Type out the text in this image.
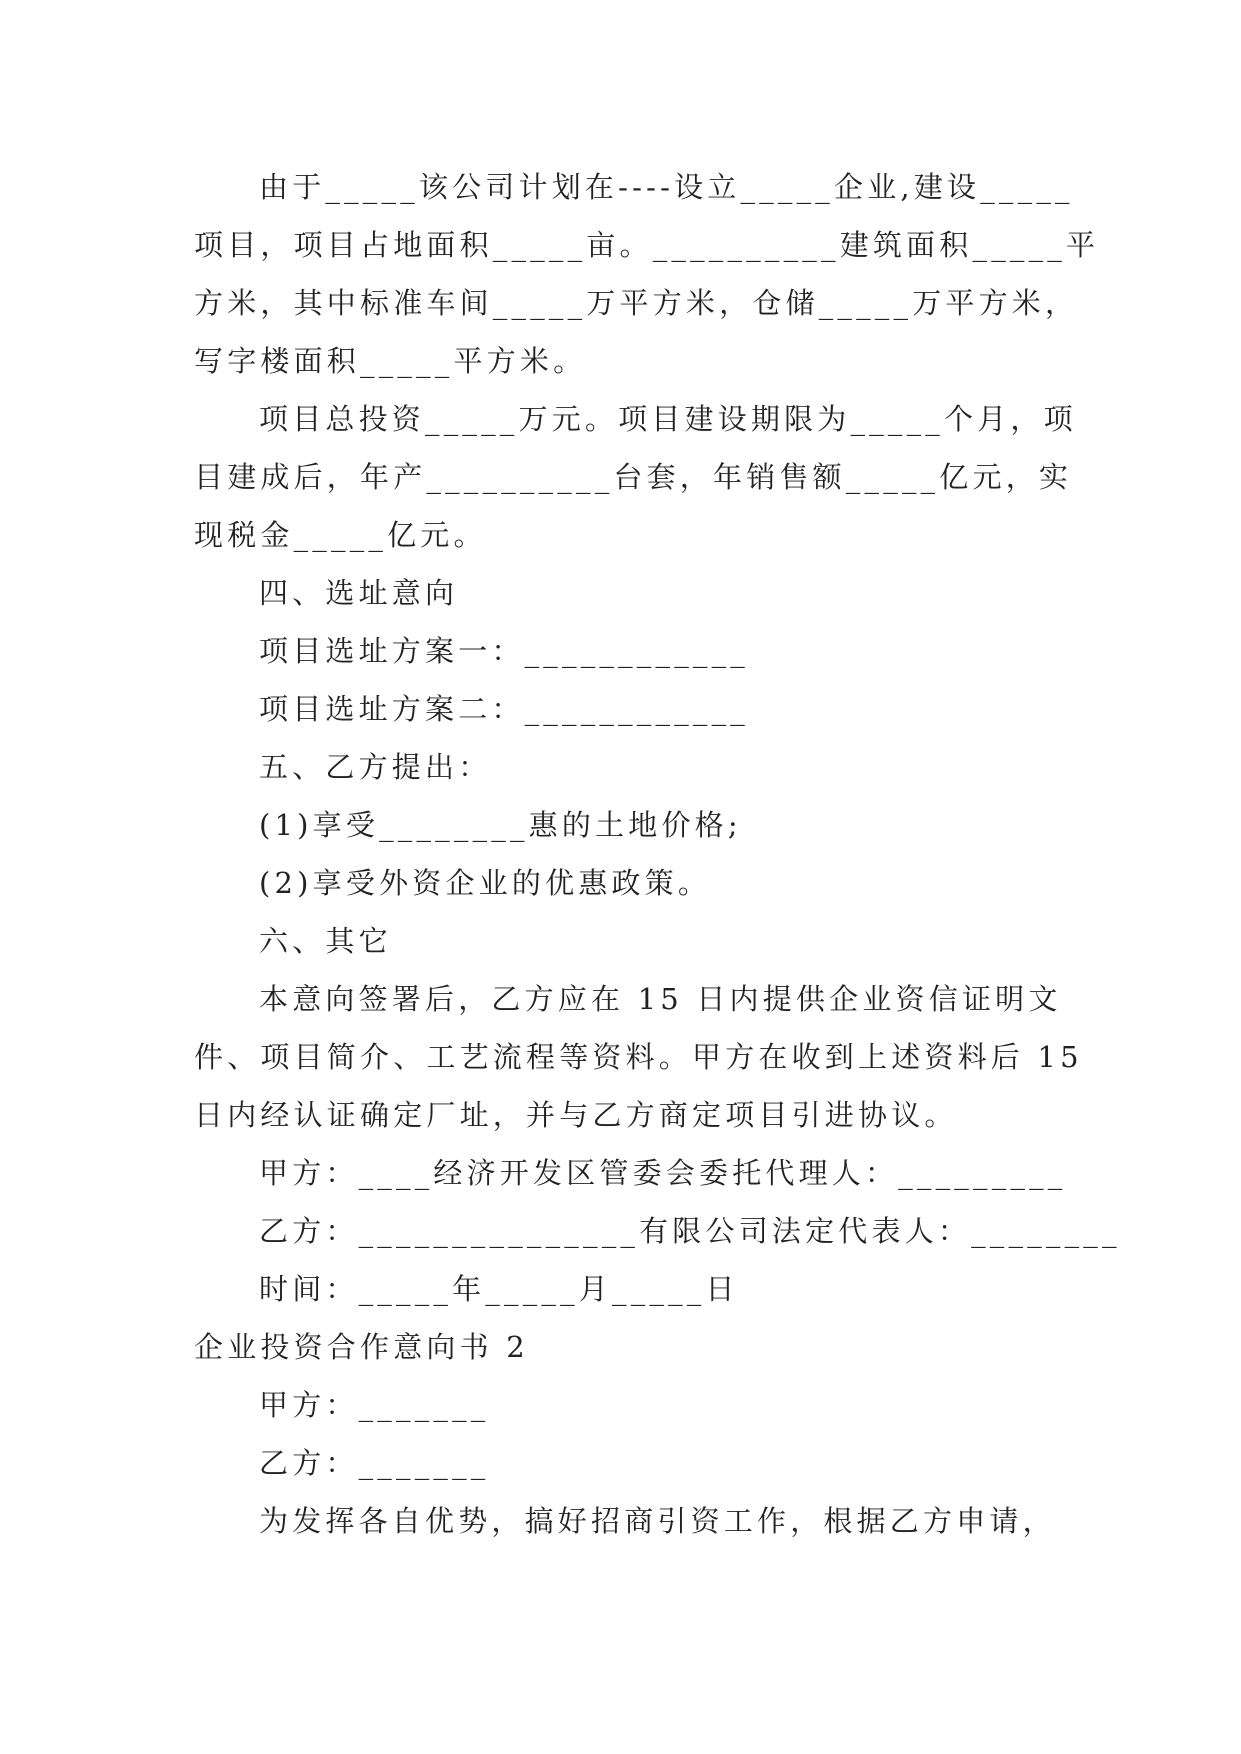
由于_____该公司计划在----设立_____企业,建设_____
项目，项目占地面积_____亩。__________建筑面积_____平
方米，其中标准车间_____万平方米，仓储_____万平方米，
写字楼面积_____平方米。
项目总投资_____万元。项目建设期限为_____个月，项
目建成后，年产__________台套，年销售额_____亿元，实
现税金_____亿元。
四、选址意向
项目选址方案一：____________
项目选址方案二：____________
五、乙方提出：
(1)享受________惠的土地价格;
(2)享受外资企业的优惠政策。
六、其它
本意向签署后，乙方应在 15 日内提供企业资信证明文
件、项目简介、工艺流程等资料。甲方在收到上述资料后 15
日内经认证确定厂址，并与乙方商定项目引进协议。
甲方：____经济开发区管委会委托代理人：_________
乙方：_______________有限公司法定代表人：________
时间：_____年_____月_____日
企业投资合作意向书 2
甲方：_______
乙方：_______
为发挥各自优势，搞好招商引资工作，根据乙方申请，
